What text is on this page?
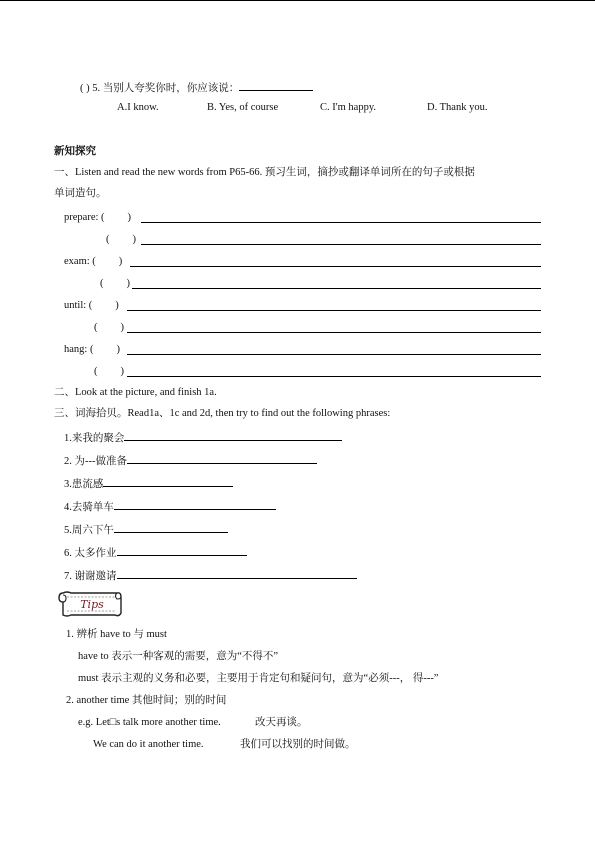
( ) 5. 当别人夸奖你时，你应该说：
A.I know.	B. Yes, of course	C. I'm happy.	D. Thank you.
新知探究
一、Listen and read the new words from P65-66. 预习生词，摘抄或翻译单词所在的句子或根据
单词造句。
prepare: ( )
( )
exam: ( )
( )
until: ( )
( )
hang: ( )
( )
二、Look at the picture, and finish 1a.
三、词海拾贝。Read1a、1c and 2d, then try to find out the following phrases:
1.来我的聚会
2. 为---做准备
3.患流感
4.去骑单车
5.周六下午
6. 太多作业
7. 谢谢邀请
Tips
1. 辨析 have to 与 must
have to 表示一种客观的需要，意为“不得不”
must 表示主观的义务和必要，主要用于肯定句和疑问句，意为“必须---， 得---”
2. another time 其他时间；别的时间
e.g. Let□s talk more another time.	改天再谈。
We can do it another time.	我们可以找别的时间做。
